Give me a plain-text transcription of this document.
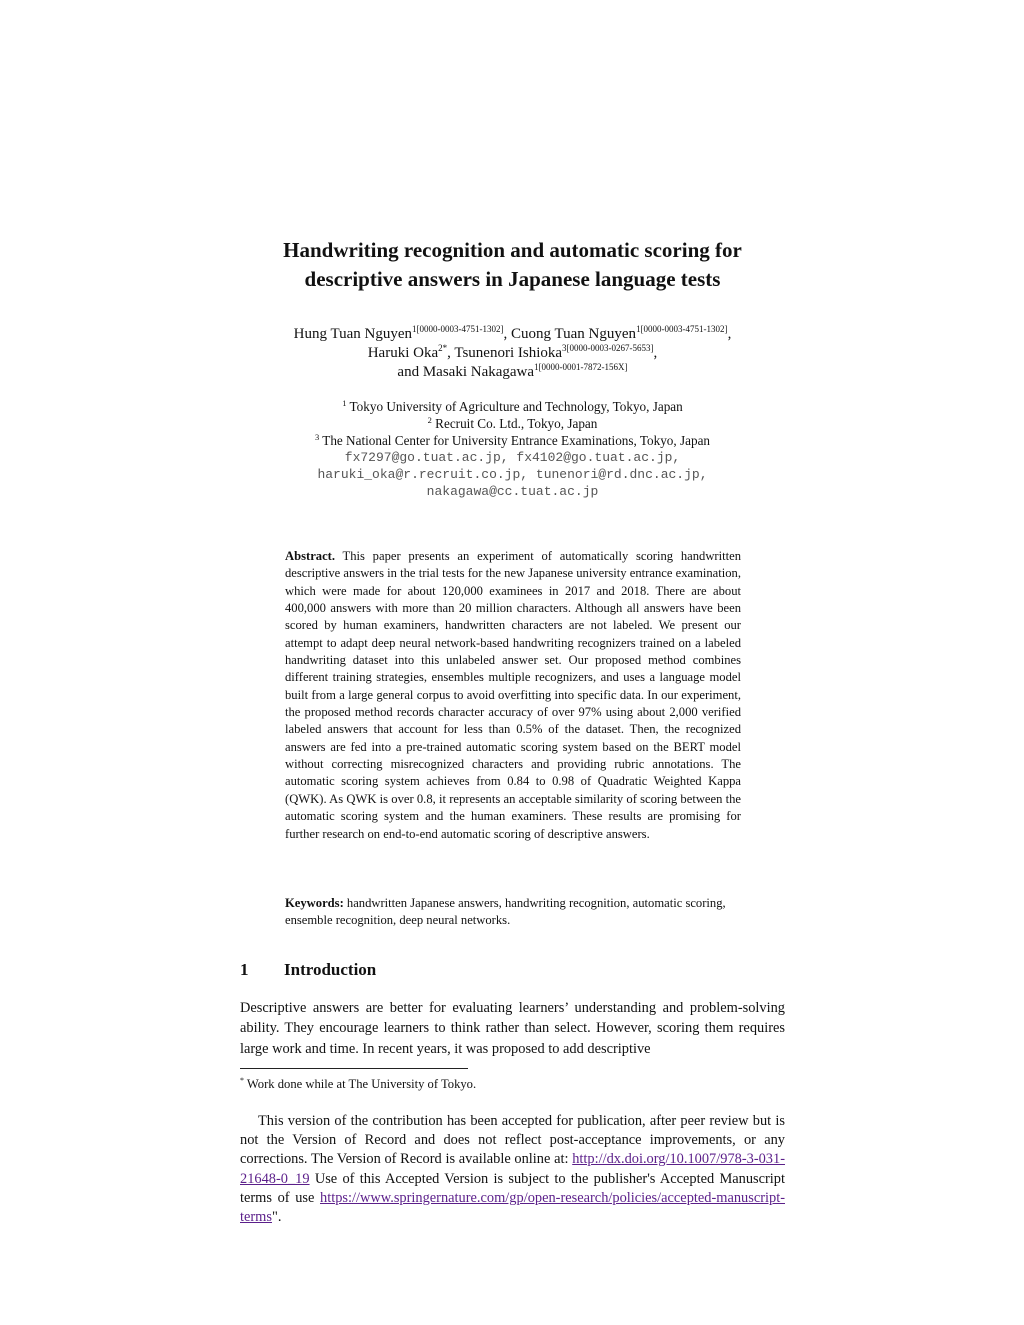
Handwriting recognition and automatic scoring for
descriptive answers in Japanese language tests
Hung Tuan Nguyen$^{1[0000-0003-4751-1302]}$, Cuong Tuan Nguyen$^{1[0000-0003-4751-1302]}$,
Haruki Oka$^{2*}$, Tsunenori Ishioka$^{3[0000-0003-0267-5653]}$,
and Masaki Nakagawa$^{1[0000-0001-7872-156X]}$
$^1$ Tokyo University of Agriculture and Technology, Tokyo, Japan
$^2$ Recruit Co. Ltd., Tokyo, Japan
$^3$ The National Center for University Entrance Examinations, Tokyo, Japan
fx7297@go.tuat.ac.jp, fx4102@go.tuat.ac.jp,
haruki_oka@r.recruit.co.jp, tunenori@rd.dnc.ac.jp,
nakagawa@cc.tuat.ac.jp
Abstract. This paper presents an experiment of automatically scoring handwritten descriptive answers in the trial tests for the new Japanese university entrance examination, which were made for about 120,000 examinees in 2017 and 2018. There are about 400,000 answers with more than 20 million characters. Although all answers have been scored by human examiners, handwritten characters are not labeled. We present our attempt to adapt deep neural network-based handwriting recognizers trained on a labeled handwriting dataset into this unlabeled answer set. Our proposed method combines different training strategies, ensembles multiple recognizers, and uses a language model built from a large general corpus to avoid overfitting into specific data. In our experiment, the proposed method records character accuracy of over 97% using about 2,000 verified labeled answers that account for less than 0.5% of the dataset. Then, the recognized answers are fed into a pre-trained automatic scoring system based on the BERT model without correcting misrecognized characters and providing rubric annotations. The automatic scoring system achieves from 0.84 to 0.98 of Quadratic Weighted Kappa (QWK). As QWK is over 0.8, it represents an acceptable similarity of scoring between the automatic scoring system and the human examiners. These results are promising for further research on end-to-end automatic scoring of descriptive answers.
Keywords: handwritten Japanese answers, handwriting recognition, automatic scoring, ensemble recognition, deep neural networks.
1 Introduction
Descriptive answers are better for evaluating learners’ understanding and problem-solving ability. They encourage learners to think rather than select. However, scoring them requires large work and time. In recent years, it was proposed to add descriptive
* Work done while at The University of Tokyo.
This version of the contribution has been accepted for publication, after peer review but is not the Version of Record and does not reflect post-acceptance improvements, or any corrections. The Version of Record is available online at: http://dx.doi.org/10.1007/978-3-031-21648-0_19 Use of this Accepted Version is subject to the publisher's Accepted Manuscript terms of use https://www.springernature.com/gp/open-research/policies/accepted-manuscript-terms".
